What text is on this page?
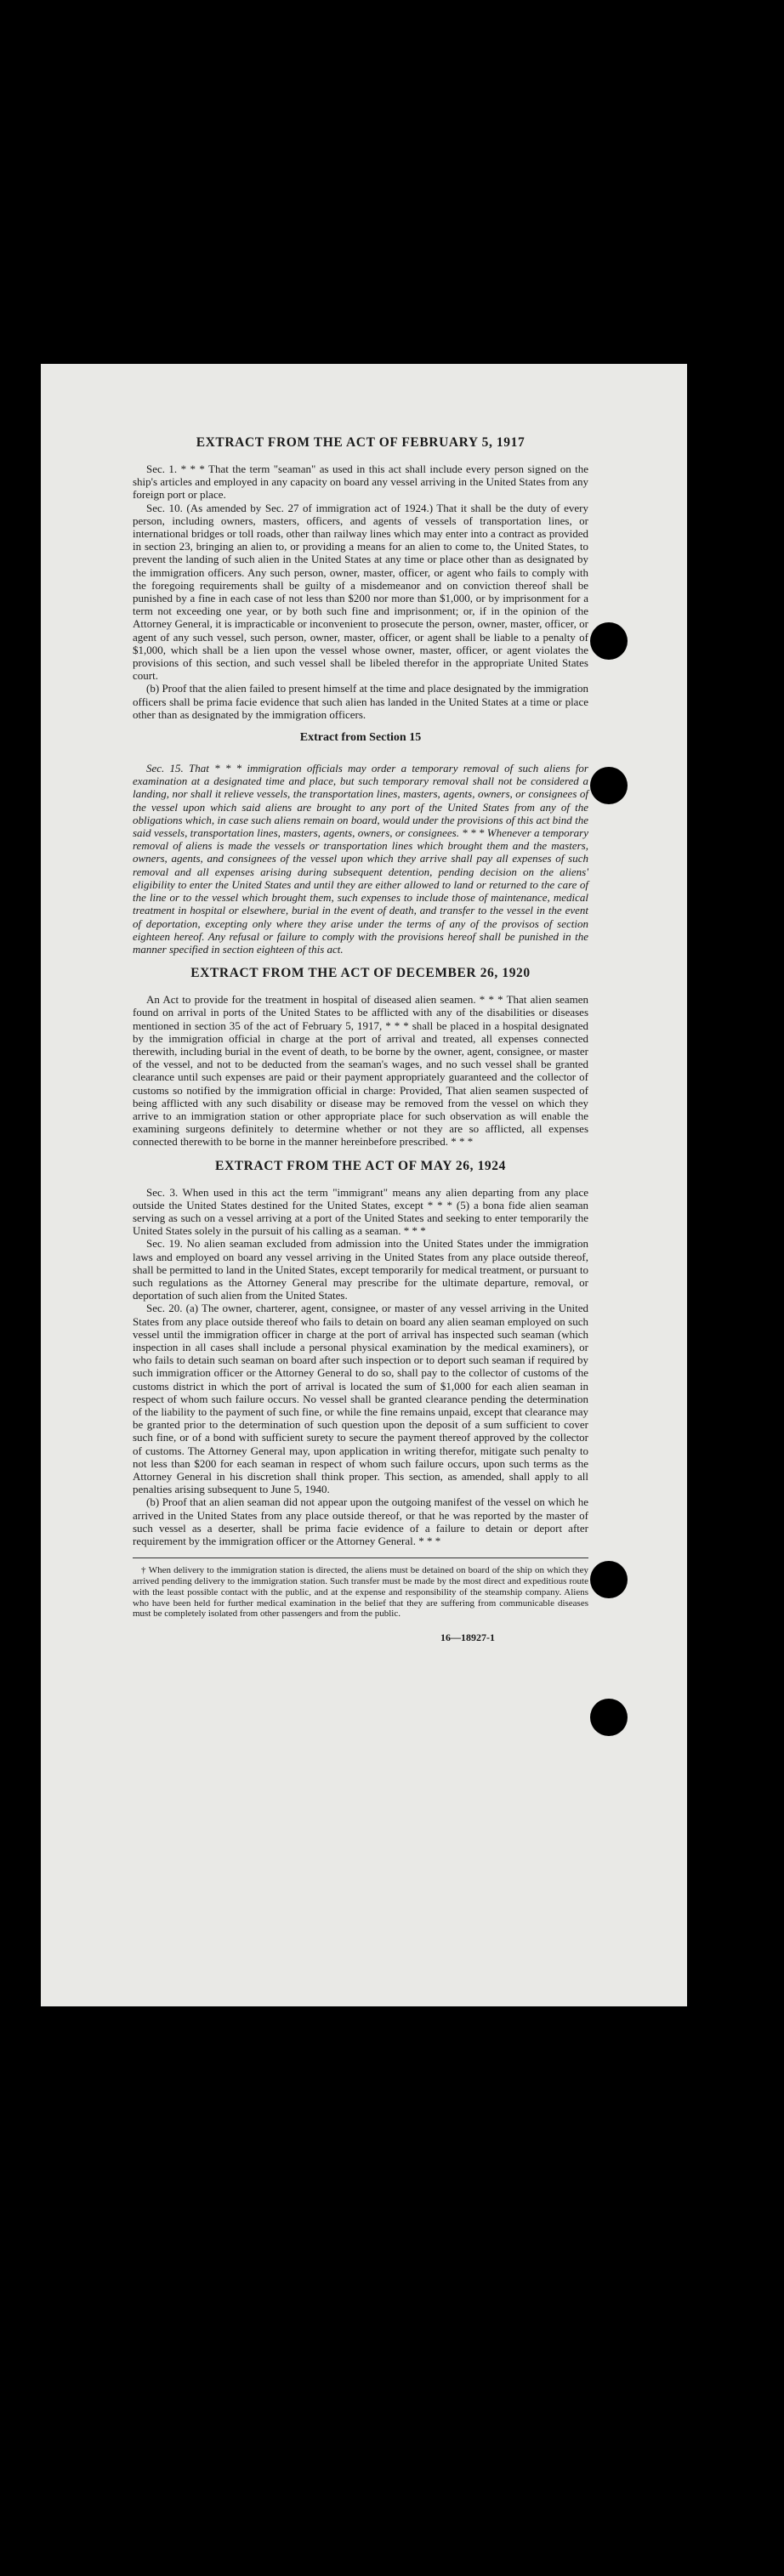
EXTRACT FROM THE ACT OF FEBRUARY 5, 1917

Sec. 1. * * * That the term "seaman" as used in this act shall include every person signed on the ship's articles and employed in any capacity on board any vessel arriving in the United States from any foreign port or place.

Sec. 10. (As amended by Sec. 27 of immigration act of 1924.) That it shall be the duty of every person, including owners, masters, officers, and agents of vessels of transportation lines, or international bridges or toll roads, other than railway lines which may enter into a contract as provided in section 23, bringing an alien to, or providing a means for an alien to come to, the United States, to prevent the landing of such alien in the United States at any time or place other than as designated by the immigration officers. Any such person, owner, master, officer, or agent who fails to comply with the foregoing requirements shall be guilty of a misdemeanor and on conviction thereof shall be punished by a fine in each case of not less than $200 nor more than $1,000, or by imprisonment for a term not exceeding one year, or by both such fine and imprisonment; or, if in the opinion of the Attorney General, it is impracticable or inconvenient to prosecute the person, owner, master, officer, or agent of any such vessel, such person, owner, master, officer, or agent shall be liable to a penalty of $1,000, which shall be a lien upon the vessel whose owner, master, officer, or agent violates the provisions of this section, and such vessel shall be libeled therefor in the appropriate United States court.

(b) Proof that the alien failed to present himself at the time and place designated by the immigration officers shall be prima facie evidence that such alien has landed in the United States at a time or place other than as designated by the immigration officers.

Extract from Section 15

Sec. 15. That * * * immigration officials may order a temporary removal of such aliens for examination at a designated time and place, but such temporary removal shall not be considered a landing, nor shall it relieve vessels, the transportation lines, masters, agents, owners, or consignees of the vessel upon which said aliens are brought to any port of the United States from any of the obligations which, in case such aliens remain on board, would under the provisions of this act bind the said vessels, transportation lines, masters, agents, owners, or consignees. * * * Whenever a temporary removal of aliens is made the vessels or transportation lines which brought them and the masters, owners, agents, and consignees of the vessel upon which they arrive shall pay all expenses of such removal and all expenses arising during subsequent detention, pending decision on the aliens' eligibility to enter the United States and until they are either allowed to land or returned to the care of the line or to the vessel which brought them, such expenses to include those of maintenance, medical treatment in hospital or elsewhere, burial in the event of death, and transfer to the vessel in the event of deportation, excepting only where they arise under the terms of any of the provisos of section eighteen hereof. Any refusal or failure to comply with the provisions hereof shall be punished in the manner specified in section eighteen of this act.

EXTRACT FROM THE ACT OF DECEMBER 26, 1920

An Act to provide for the treatment in hospital of diseased alien seamen. * * * That alien seamen found on arrival in ports of the United States to be afflicted with any of the disabilities or diseases mentioned in section 35 of the act of February 5, 1917, * * * shall be placed in a hospital designated by the immigration official in charge at the port of arrival and treated, all expenses connected therewith, including burial in the event of death, to be borne by the owner, agent, consignee, or master of the vessel, and not to be deducted from the seaman's wages, and no such vessel shall be granted clearance until such expenses are paid or their payment appropriately guaranteed and the collector of customs so notified by the immigration official in charge: Provided, That alien seamen suspected of being afflicted with any such disability or disease may be removed from the vessel on which they arrive to an immigration station or other appropriate place for such observation as will enable the examining surgeons definitely to determine whether or not they are so afflicted, all expenses connected therewith to be borne in the manner hereinbefore prescribed. * * *

EXTRACT FROM THE ACT OF MAY 26, 1924

Sec. 3. When used in this act the term "immigrant" means any alien departing from any place outside the United States destined for the United States, except * * * (5) a bona fide alien seaman serving as such on a vessel arriving at a port of the United States and seeking to enter temporarily the United States solely in the pursuit of his calling as a seaman. * * *

Sec. 19. No alien seaman excluded from admission into the United States under the immigration laws and employed on board any vessel arriving in the United States from any place outside thereof, shall be permitted to land in the United States, except temporarily for medical treatment, or pursuant to such regulations as the Attorney General may prescribe for the ultimate departure, removal, or deportation of such alien from the United States.

Sec. 20. (a) The owner, charterer, agent, consignee, or master of any vessel arriving in the United States from any place outside thereof who fails to detain on board any alien seaman employed on such vessel until the immigration officer in charge at the port of arrival has inspected such seaman (which inspection in all cases shall include a personal physical examination by the medical examiners), or who fails to detain such seaman on board after such inspection or to deport such seaman if required by such immigration officer or the Attorney General to do so, shall pay to the collector of customs of the customs district in which the port of arrival is located the sum of $1,000 for each alien seaman in respect of whom such failure occurs. No vessel shall be granted clearance pending the determination of the liability to the payment of such fine, or while the fine remains unpaid, except that clearance may be granted prior to the determination of such question upon the deposit of a sum sufficient to cover such fine, or of a bond with sufficient surety to secure the payment thereof approved by the collector of customs. The Attorney General may, upon application in writing therefor, mitigate such penalty to not less than $200 for each seaman in respect of whom such failure occurs, upon such terms as the Attorney General in his discretion shall think proper. This section, as amended, shall apply to all penalties arising subsequent to June 5, 1940.

(b) Proof that an alien seaman did not appear upon the outgoing manifest of the vessel on which he arrived in the United States from any place outside thereof, or that he was reported by the master of such vessel as a deserter, shall be prima facie evidence of a failure to detain or deport after requirement by the immigration officer or the Attorney General. * * *

† When delivery to the immigration station is directed, the aliens must be detained on board of the ship on which they arrived pending delivery to the immigration station. Such transfer must be made by the most direct and expeditious route with the least possible contact with the public, and at the expense and responsibility of the steamship company. Aliens who have been held for further medical examination in the belief that they are suffering from communicable diseases must be completely isolated from other passengers and from the public.

16—18927-1
